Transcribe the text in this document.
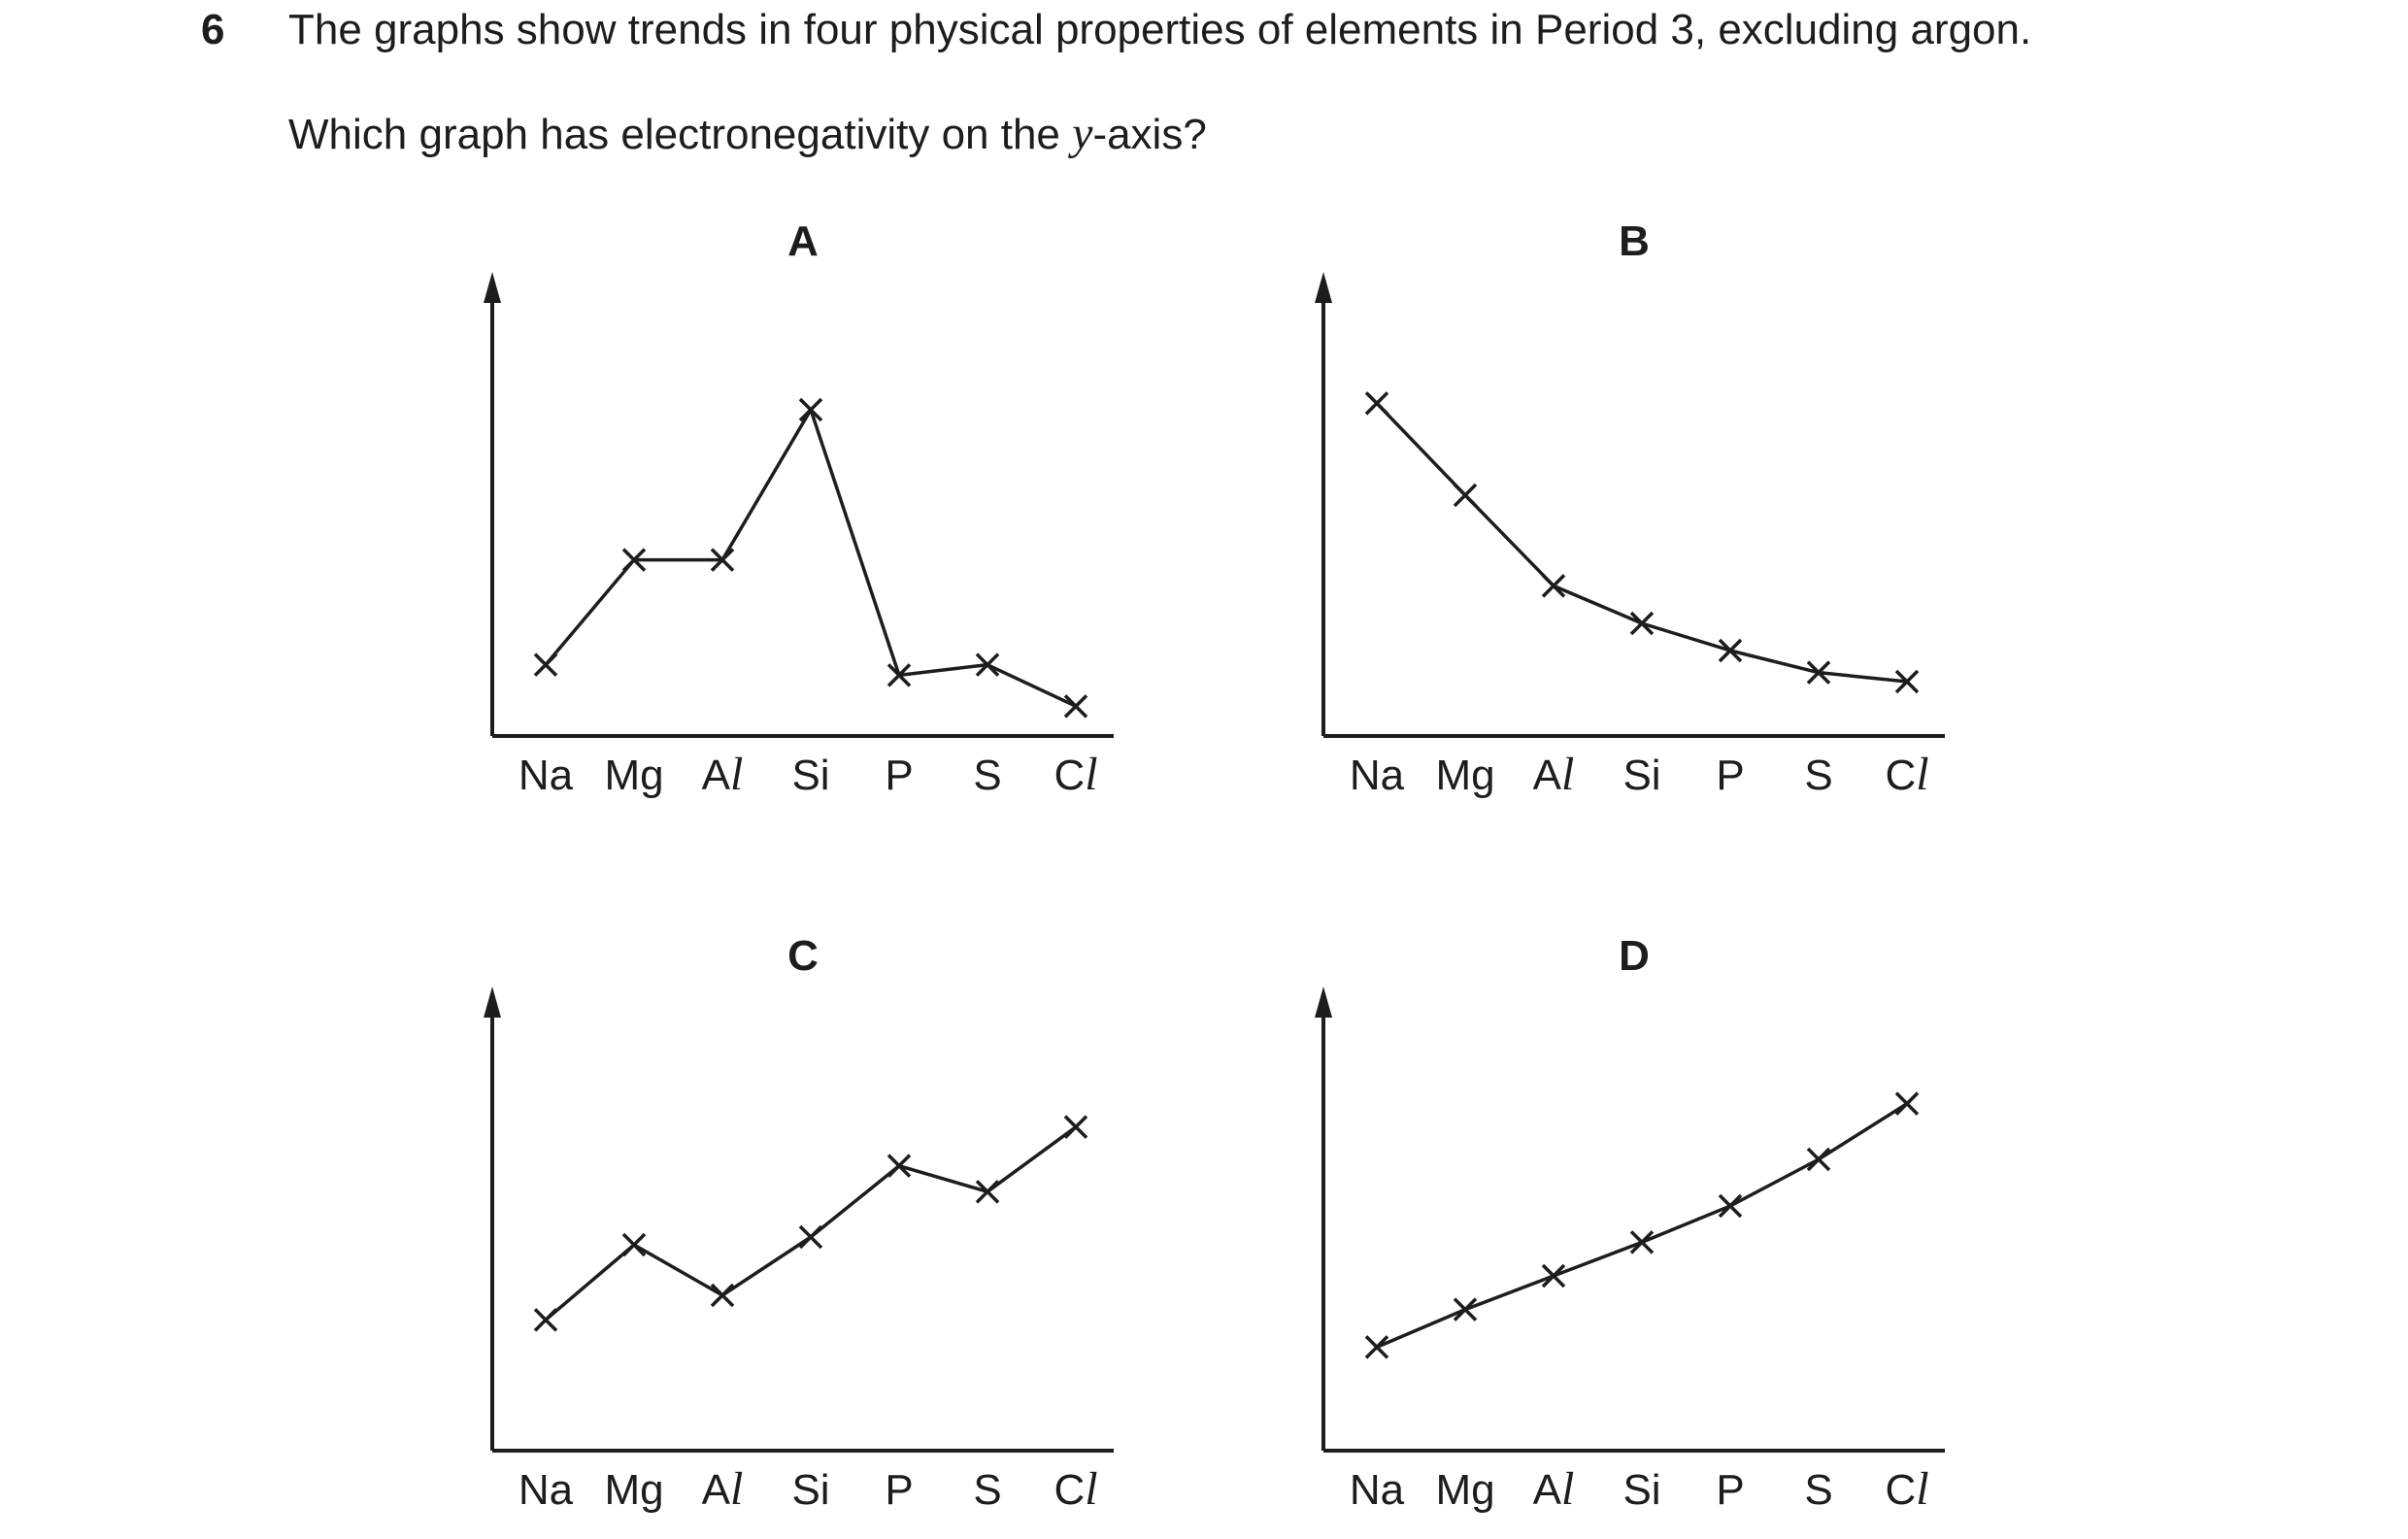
6 The graphs show trends in four physical properties of elements in Period 3, excluding argon.
Which graph has electronegativity on the y-axis?
A
Na Mg Al Si P S Cl
B
Na Mg Al Si P S Cl
C
Na Mg Al Si P S Cl
D
Na Mg Al Si P S Cl
